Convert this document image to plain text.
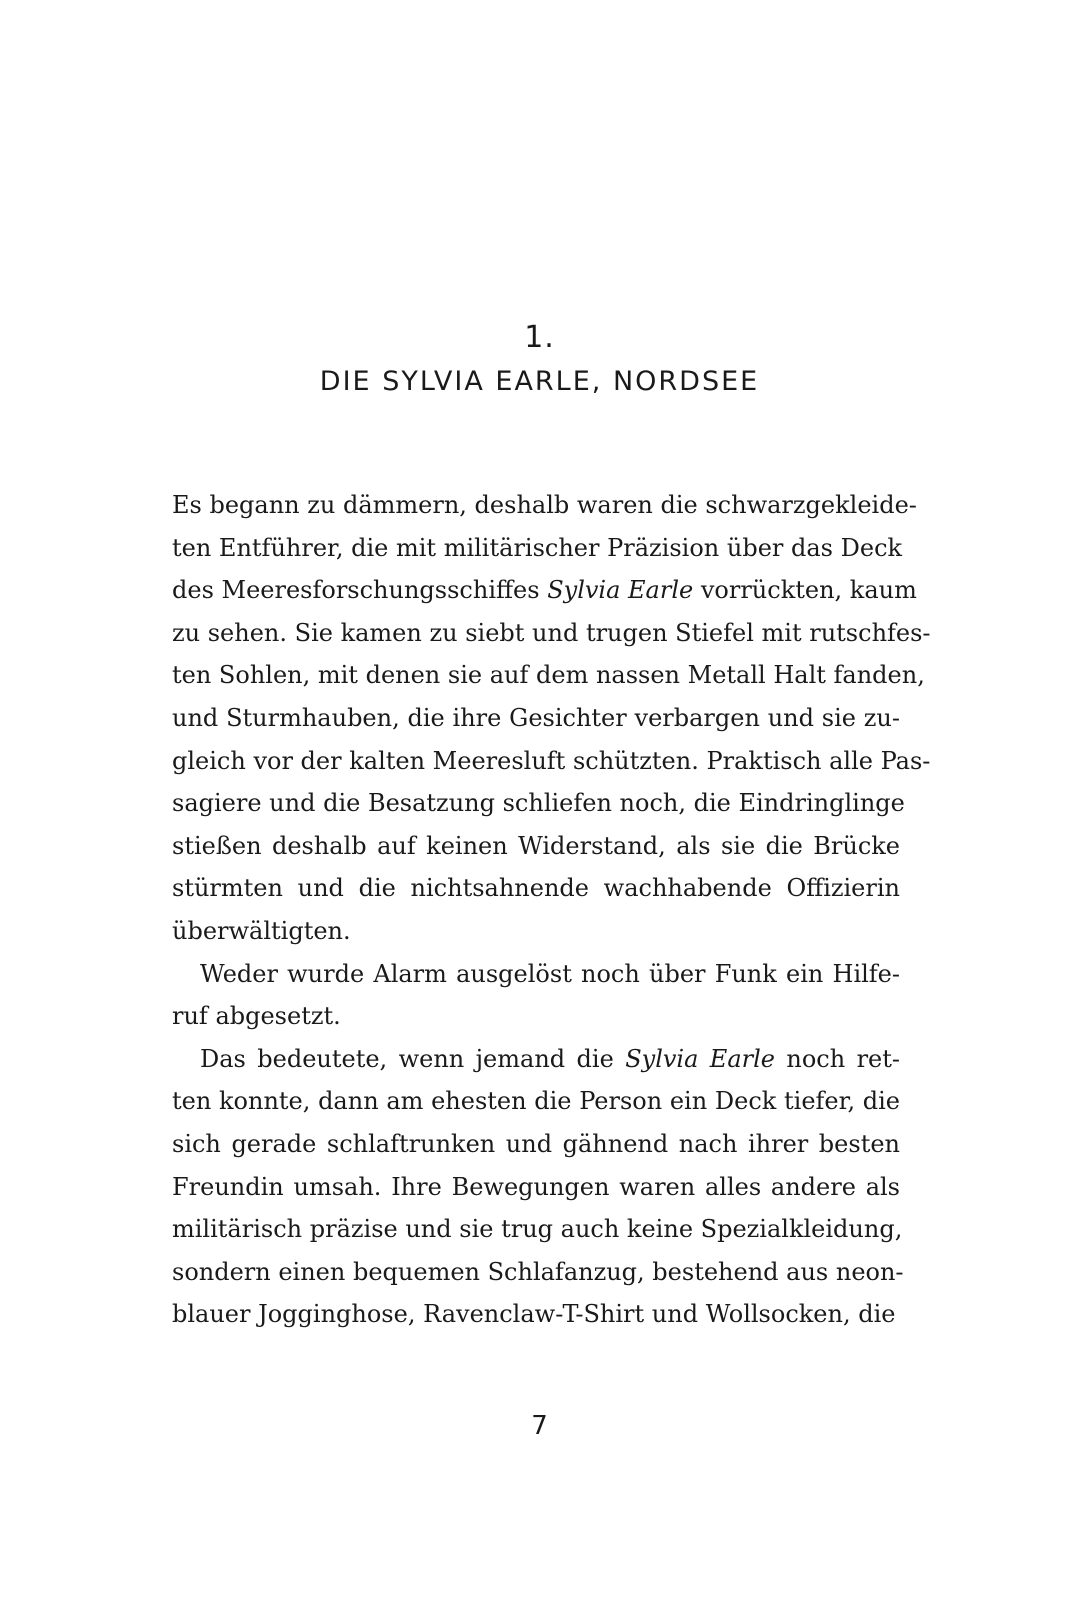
1.
DIE SYLVIA EARLE, NORDSEE
Es begann zu dämmern, deshalb waren die schwarzgekleide-
ten Entführer, die mit militärischer Präzision über das Deck
des Meeresforschungsschiffes Sylvia Earle vorrückten, kaum
zu sehen. Sie kamen zu siebt und trugen Stiefel mit rutschfes-
ten Sohlen, mit denen sie auf dem nassen Metall Halt fanden,
und Sturmhauben, die ihre Gesichter verbargen und sie zu-
gleich vor der kalten Meeresluft schützten. Praktisch alle Pas-
sagiere und die Besatzung schliefen noch, die Eindringlinge
stießen deshalb auf keinen Widerstand, als sie die Brücke
stürmten und die nichtsahnende wachhabende Offizierin
überwältigten.
Weder wurde Alarm ausgelöst noch über Funk ein Hilfe-
ruf abgesetzt.
Das bedeutete, wenn jemand die Sylvia Earle noch ret-
ten konnte, dann am ehesten die Person ein Deck tiefer, die
sich gerade schlaftrunken und gähnend nach ihrer besten
Freundin umsah. Ihre Bewegungen waren alles andere als
militärisch präzise und sie trug auch keine Spezialkleidung,
sondern einen bequemen Schlafanzug, bestehend aus neon-
blauer Jogginghose, Ravenclaw-T-Shirt und Wollsocken, die
7
